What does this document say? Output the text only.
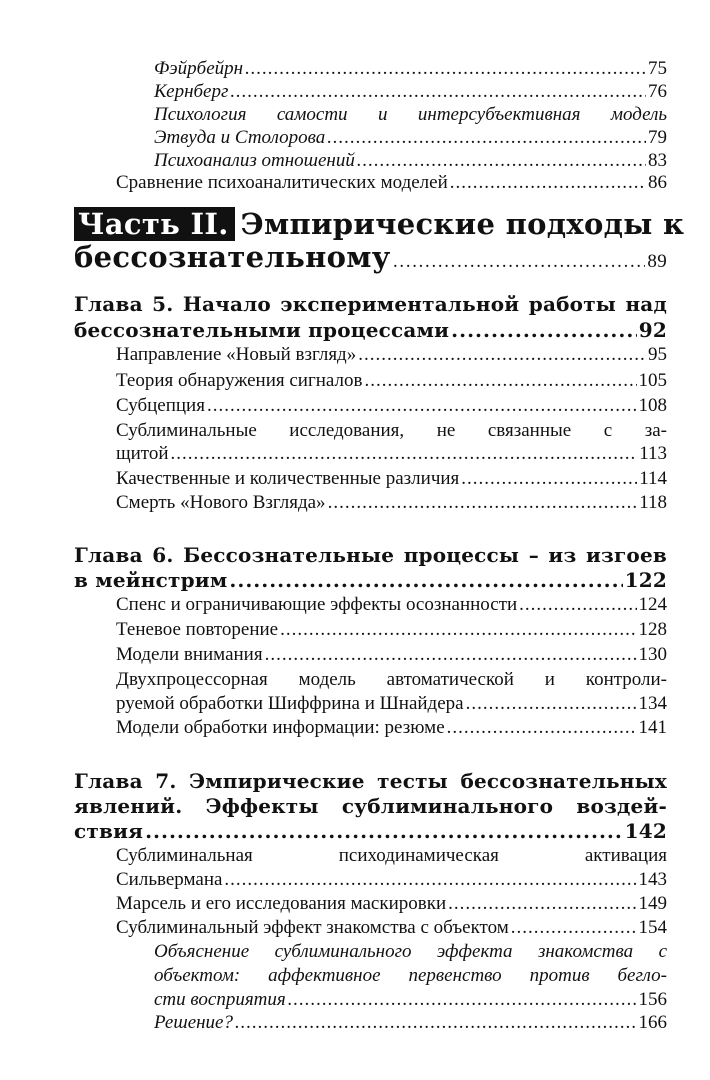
Фэйрбейрн .....	75
Кернберг .....	76
Психология самости и интерсубъективная модель
Этвуда и Столорова .....	79
Психоанализ отношений .....	83
Сравнение психоаналитических моделей .....	86
Часть II. Эмпирические подходы к
бессознательному .....	89
Глава 5. Начало экспериментальной работы над
бессознательными процессами .....	92
Направление «Новый взгляд» .....	95
Теория обнаружения сигналов .....	105
Субцепция .....	108
Сублиминальные исследования, не связанные с за-
щитой .....	113
Качественные и количественные различия .....	114
Смерть «Нового Взгляда» .....	118
Глава 6. Бессознательные процессы – из изгоев
в мейнстрим .....	122
Спенс и ограничивающие эффекты осознанности .....	124
Теневое повторение .....	128
Модели внимания .....	130
Двухпроцессорная модель автоматической и контроли-
руемой обработки Шиффрина и Шнайдера .....	134
Модели обработки информации: резюме .....	141
Глава 7. Эмпирические тесты бессознательных
явлений. Эффекты сублиминального воздей-
ствия .....	142
Сублиминальная психодинамическая активация
Сильвермана .....	143
Марсель и его исследования маскировки .....	149
Сублиминальный эффект знакомства с объектом .....	154
Объяснение сублиминального эффекта знакомства с
объектом: аффективное первенство против бегло-
сти восприятия .....	156
Решение? .....	166
